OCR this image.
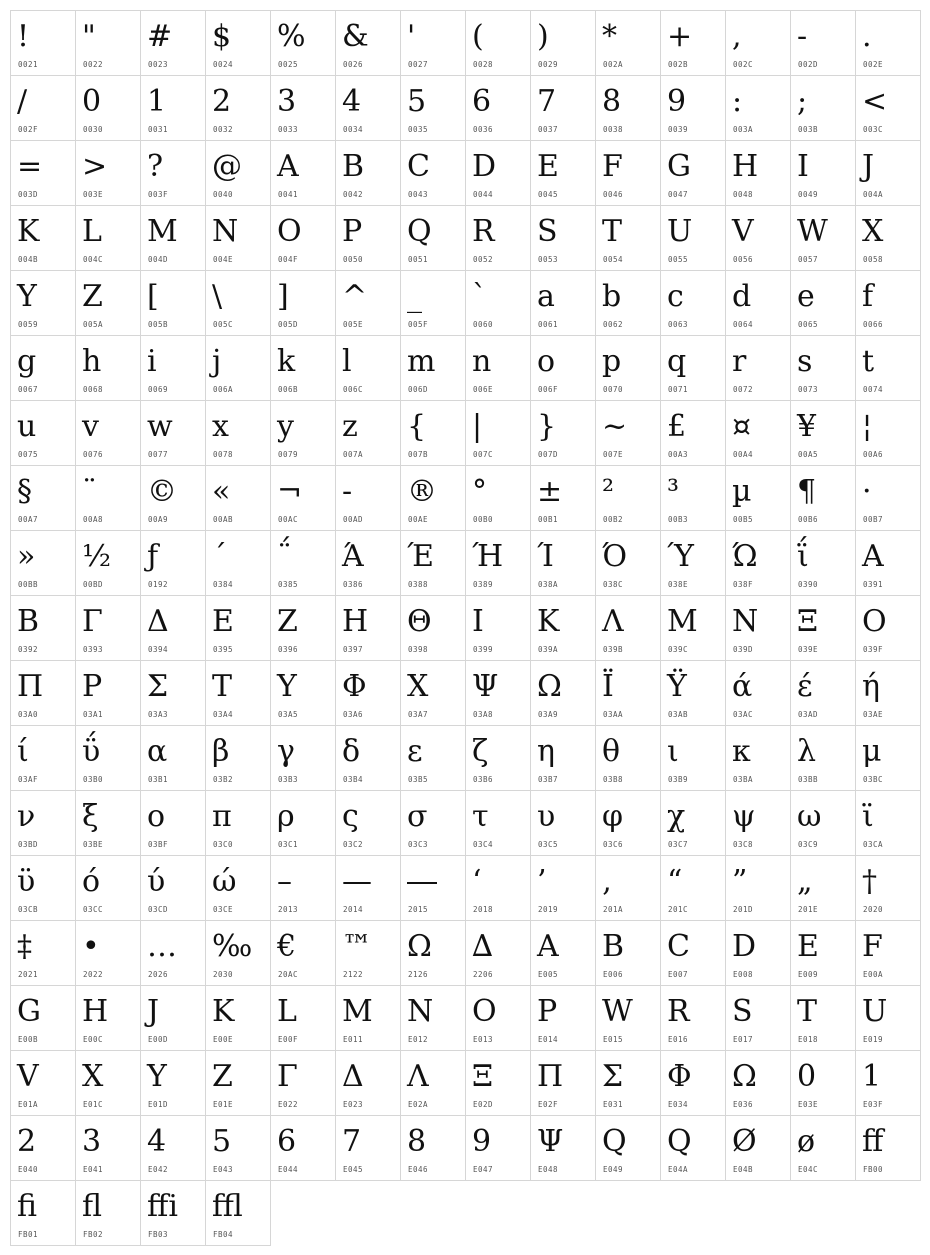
!
0021
"
0022
#
0023
$
0024
%
0025
&
0026
'
0027
(
0028
)
0029
*
002A
+
002B
,
002C
-
002D
.
002E
/
002F
0
0030
1
0031
2
0032
3
0033
4
0034
5
0035
6
0036
7
0037
8
0038
9
0039
:
003A
;
003B
<
003C
=
003D
>
003E
?
003F
@
0040
A
0041
B
0042
C
0043
D
0044
E
0045
F
0046
G
0047
H
0048
I
0049
J
004A
K
004B
L
004C
M
004D
N
004E
O
004F
P
0050
Q
0051
R
0052
S
0053
T
0054
U
0055
V
0056
W
0057
X
0058
Y
0059
Z
005A
[
005B
\
005C
]
005D
^
005E
_
005F
`
0060
a
0061
b
0062
c
0063
d
0064
e
0065
f
0066
g
0067
h
0068
i
0069
j
006A
k
006B
l
006C
m
006D
n
006E
o
006F
p
0070
q
0071
r
0072
s
0073
t
0074
u
0075
v
0076
w
0077
x
0078
y
0079
z
007A
{
007B
|
007C
}
007D
~
007E
£
00A3
¤
00A4
¥
00A5
¦
00A6
§
00A7
¨
00A8
©
00A9
«
00AB
¬
00AC
-
00AD
®
00AE
°
00B0
±
00B1
²
00B2
³
00B3
µ
00B5
¶
00B6
·
00B7
»
00BB
½
00BD
ƒ
0192
΄
0384
΅
0385
Ά
0386
Έ
0388
Ή
0389
Ί
038A
Ό
038C
Ύ
038E
Ώ
038F
ΐ
0390
Α
0391
Β
0392
Γ
0393
Δ
0394
Ε
0395
Ζ
0396
Η
0397
Θ
0398
Ι
0399
Κ
039A
Λ
039B
Μ
039C
Ν
039D
Ξ
039E
Ο
039F
Π
03A0
Ρ
03A1
Σ
03A3
Τ
03A4
Υ
03A5
Φ
03A6
Χ
03A7
Ψ
03A8
Ω
03A9
Ϊ
03AA
Ϋ
03AB
ά
03AC
έ
03AD
ή
03AE
ί
03AF
ΰ
03B0
α
03B1
β
03B2
γ
03B3
δ
03B4
ε
03B5
ζ
03B6
η
03B7
θ
03B8
ι
03B9
κ
03BA
λ
03BB
μ
03BC
ν
03BD
ξ
03BE
ο
03BF
π
03C0
ρ
03C1
ς
03C2
σ
03C3
τ
03C4
υ
03C5
φ
03C6
χ
03C7
ψ
03C8
ω
03C9
ϊ
03CA
ϋ
03CB
ό
03CC
ύ
03CD
ώ
03CE
–
2013
—
2014
―
2015
‘
2018
’
2019
‚
201A
“
201C
”
201D
„
201E
†
2020
‡
2021
•
2022
…
2026
‰
2030
€
20AC
™
2122
Ω
2126
∆
2206
A
E005
B
E006
C
E007
D
E008
E
E009
F
E00A
G
E00B
H
E00C
J
E00D
K
E00E
L
E00F
M
E011
N
E012
O
E013
P
E014
W
E015
R
E016
S
E017
T
E018
U
E019
V
E01A
X
E01C
Y
E01D
Z
E01E
Γ
E022
Δ
E023
Λ
E02A
Ξ
E02D
Π
E02F
Σ
E031
Φ
E034
Ω
E036
0
E03E
1
E03F
2
E040
3
E041
4
E042
5
E043
6
E044
7
E045
8
E046
9
E047
Ψ
E048
Q
E049
Q
E04A
Ø
E04B
ø
E04C
ff
FB00
fi
FB01
fl
FB02
ffi
FB03
ffl
FB04
